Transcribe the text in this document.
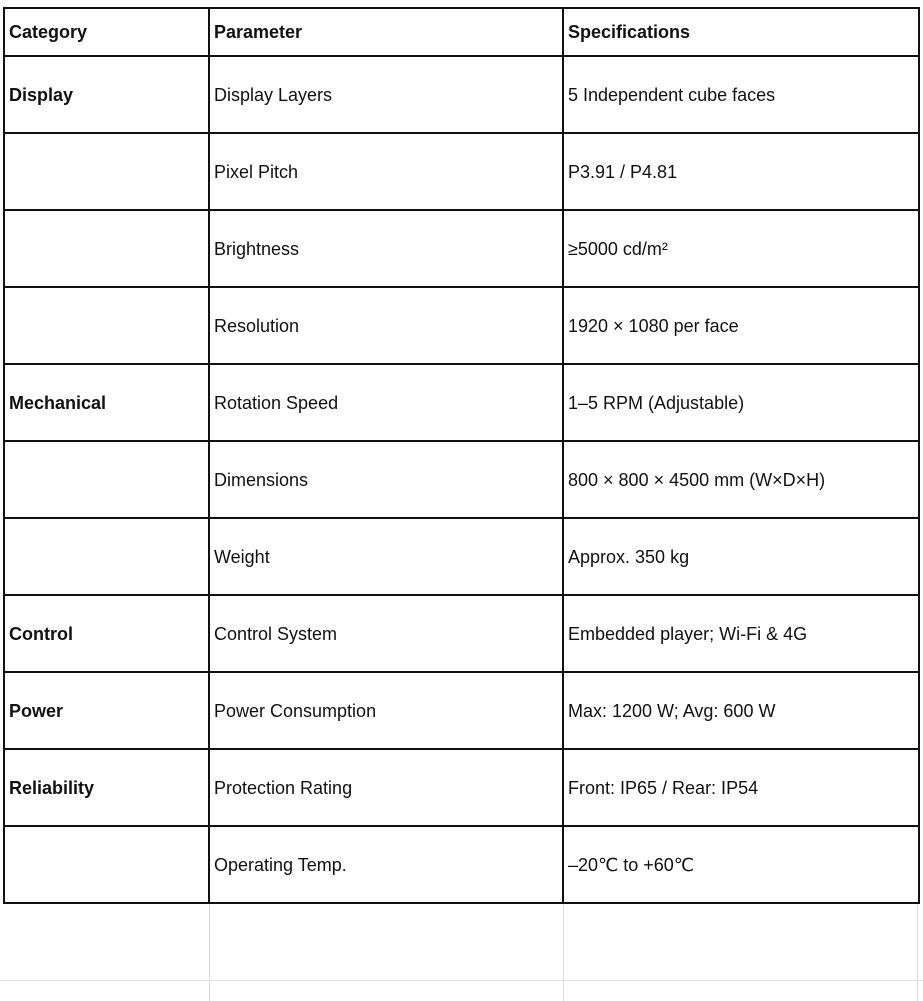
Category	Parameter	Specifications
Display	Display Layers	5 Independent cube faces
	Pixel Pitch	P3.91 / P4.81
	Brightness	≥5000 cd/m²
	Resolution	1920 × 1080 per face
Mechanical	Rotation Speed	1–5 RPM (Adjustable)
	Dimensions	800 × 800 × 4500 mm (W×D×H)
	Weight	Approx. 350 kg
Control	Control System	Embedded player; Wi-Fi & 4G
Power	Power Consumption	Max: 1200 W; Avg: 600 W
Reliability	Protection Rating	Front: IP65 / Rear: IP54
	Operating Temp.	–20℃ to +60℃
